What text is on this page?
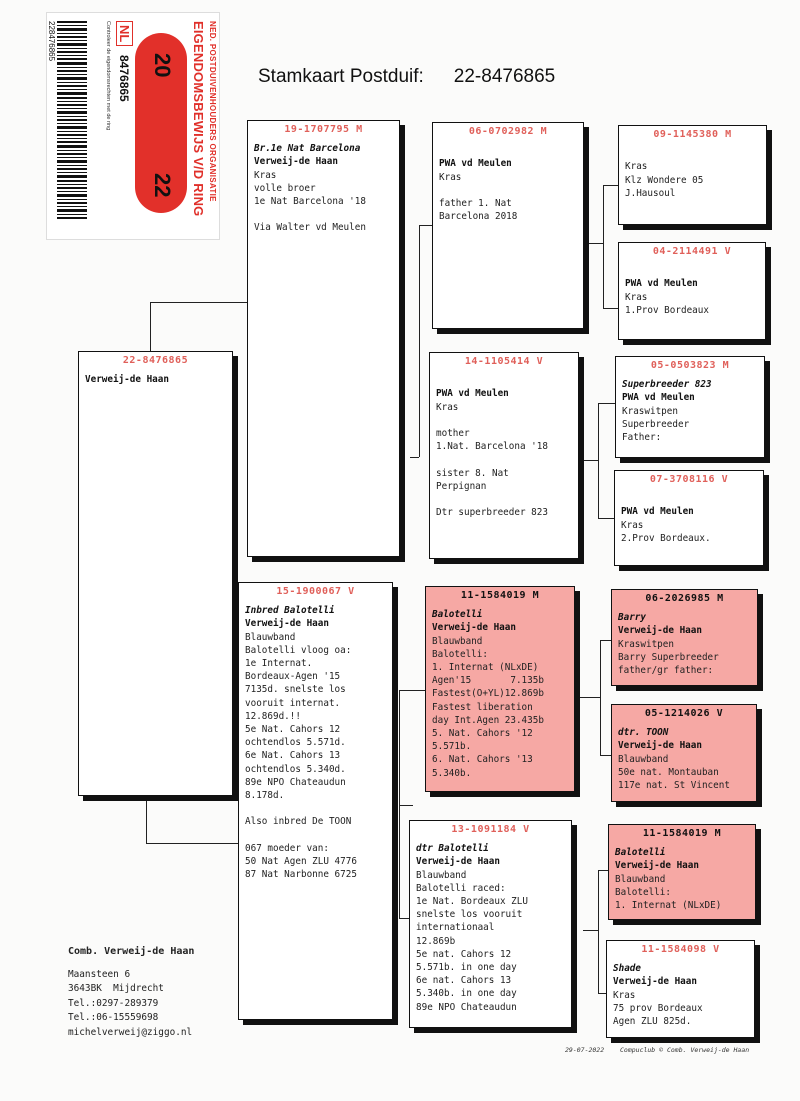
NED. POSTDUIVENHOUDERS ORGANISATIE
EIGENDOMSBEWIJS V/D RING
20
22
NL
8476865
Controleer de eigendomsrechten met de ring
228476865
Stamkaart Postduif: 22-8476865
22-8476865
Verweij-de Haan
19-1707795 M
Br.1e Nat Barcelona
Verweij-de Haan
Kras
volle broer
1e Nat Barcelona '18

Via Walter vd Meulen
15-1900067 V
Inbred Balotelli
Verweij-de Haan
Blauwband
Balotelli vloog oa:
1e Internat.
Bordeaux-Agen '15
7135d. snelste los
vooruit internat.
12.869d.!!
5e Nat. Cahors 12
ochtendlos 5.571d.
6e Nat. Cahors 13
ochtendlos 5.340d.
89e NPO Chateaudun
8.178d.

Also inbred De TOON

067 moeder van:
50 Nat Agen ZLU 4776
87 Nat Narbonne 6725
06-0702982 M

PWA vd Meulen
Kras

father 1. Nat
Barcelona 2018
14-1105414 V

PWA vd Meulen
Kras

mother
1.Nat. Barcelona '18

sister 8. Nat
Perpignan

Dtr superbreeder 823
11-1584019 M
Balotelli
Verweij-de Haan
Blauwband
Balotelli:
1. Internat (NLxDE)
Agen'15       7.135b
Fastest(O+YL)12.869b
Fastest liberation
day Int.Agen 23.435b
5. Nat. Cahors '12
5.571b.
6. Nat. Cahors '13
5.340b.
13-1091184 V
dtr Balotelli
Verweij-de Haan
Blauwband
Balotelli raced:
1e Nat. Bordeaux ZLU
snelste los vooruit
internationaal
12.869b
5e nat. Cahors 12
5.571b. in one day
6e nat. Cahors 13
5.340b. in one day
89e NPO Chateaudun
09-1145380 M

Kras
Klz Wondere 05
J.Hausoul
04-2114491 V

PWA vd Meulen
Kras
1.Prov Bordeaux
05-0503823 M
Superbreeder 823
PWA vd Meulen
Kraswitpen
Superbreeder
Father:
07-3708116 V

PWA vd Meulen
Kras
2.Prov Bordeaux.
06-2026985 M
Barry
Verweij-de Haan
Kraswitpen
Barry Superbreeder
father/gr father:
05-1214026 V
dtr. TOON
Verweij-de Haan
Blauwband
50e nat. Montauban
117e nat. St Vincent
11-1584019 M
Balotelli
Verweij-de Haan
Blauwband
Balotelli:
1. Internat (NLxDE)
11-1584098 V
Shade
Verweij-de Haan
Kras
75 prov Bordeaux
Agen ZLU 825d.
Comb. Verweij-de Haan
Maansteen 6
3643BK  Mijdrecht
Tel.:0297-289379
Tel.:06-15559698
michelverweij@ziggo.nl
29-07-2022 Compuclub © Comb. Verweij-de Haan
